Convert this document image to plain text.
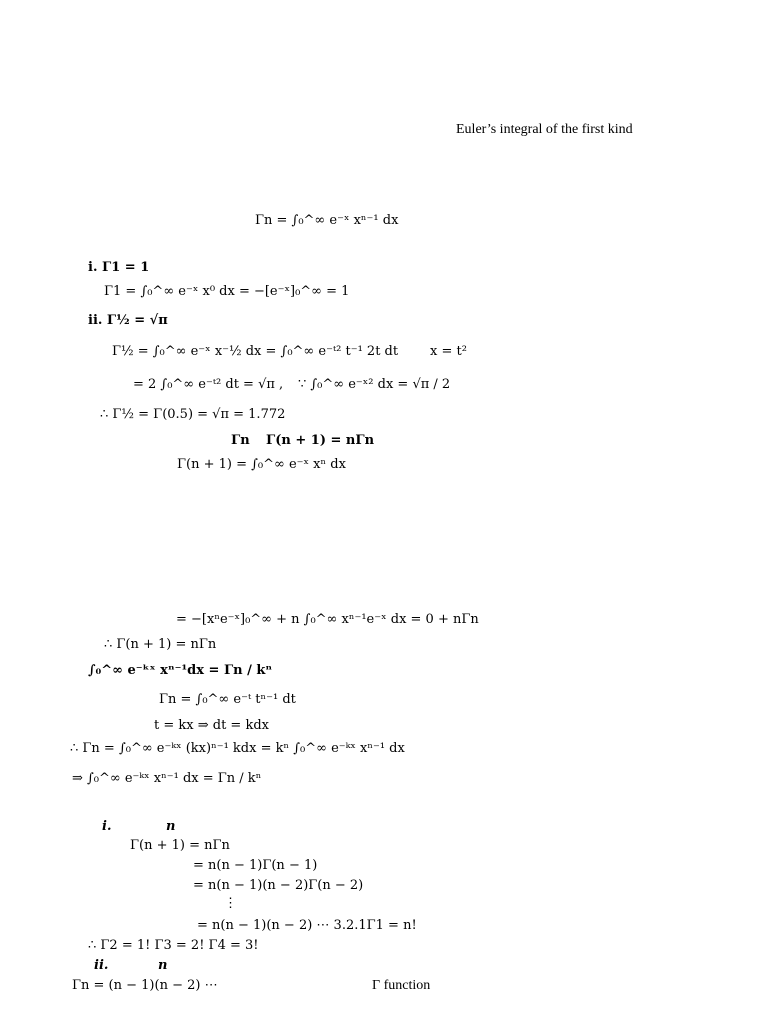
Euler’s integral of the first kind
Γn = ∫₀^∞ e⁻ˣ xⁿ⁻¹ dx
i. Γ1 = 1
Γ1 = ∫₀^∞ e⁻ˣ x⁰ dx = −[e⁻ˣ]₀^∞ = 1
ii. Γ½ = √π
Γ½ = ∫₀^∞ e⁻ˣ x⁻½ dx = ∫₀^∞ e⁻ᵗ² t⁻¹ 2t dt x = t²
= 2 ∫₀^∞ e⁻ᵗ² dt = √π , ∵ ∫₀^∞ e⁻ˣ² dx = √π / 2
∴ Γ½ = Γ(0.5) = √π = 1.772
Γn Γ(n + 1) = nΓn
Γ(n + 1) = ∫₀^∞ e⁻ˣ xⁿ dx
= −[xⁿe⁻ˣ]₀^∞ + n ∫₀^∞ xⁿ⁻¹e⁻ˣ dx = 0 + nΓn
∴ Γ(n + 1) = nΓn
∫₀^∞ e⁻ᵏˣ xⁿ⁻¹dx = Γn / kⁿ
Γn = ∫₀^∞ e⁻ᵗ tⁿ⁻¹ dt
t = kx ⇒ dt = kdx
∴ Γn = ∫₀^∞ e⁻ᵏˣ (kx)ⁿ⁻¹ kdx = kⁿ ∫₀^∞ e⁻ᵏˣ xⁿ⁻¹ dx
⇒ ∫₀^∞ e⁻ᵏˣ xⁿ⁻¹ dx = Γn / kⁿ
i.	n
Γ(n + 1) = nΓn
= n(n − 1)Γ(n − 1)
= n(n − 1)(n − 2)Γ(n − 2)
⋮
= n(n − 1)(n − 2) ⋯ 3.2.1Γ1 = n!
∴ Γ2 = 1! Γ3 = 2! Γ4 = 3!
ii.	n
Γn = (n − 1)(n − 2) ⋯	Γ function
